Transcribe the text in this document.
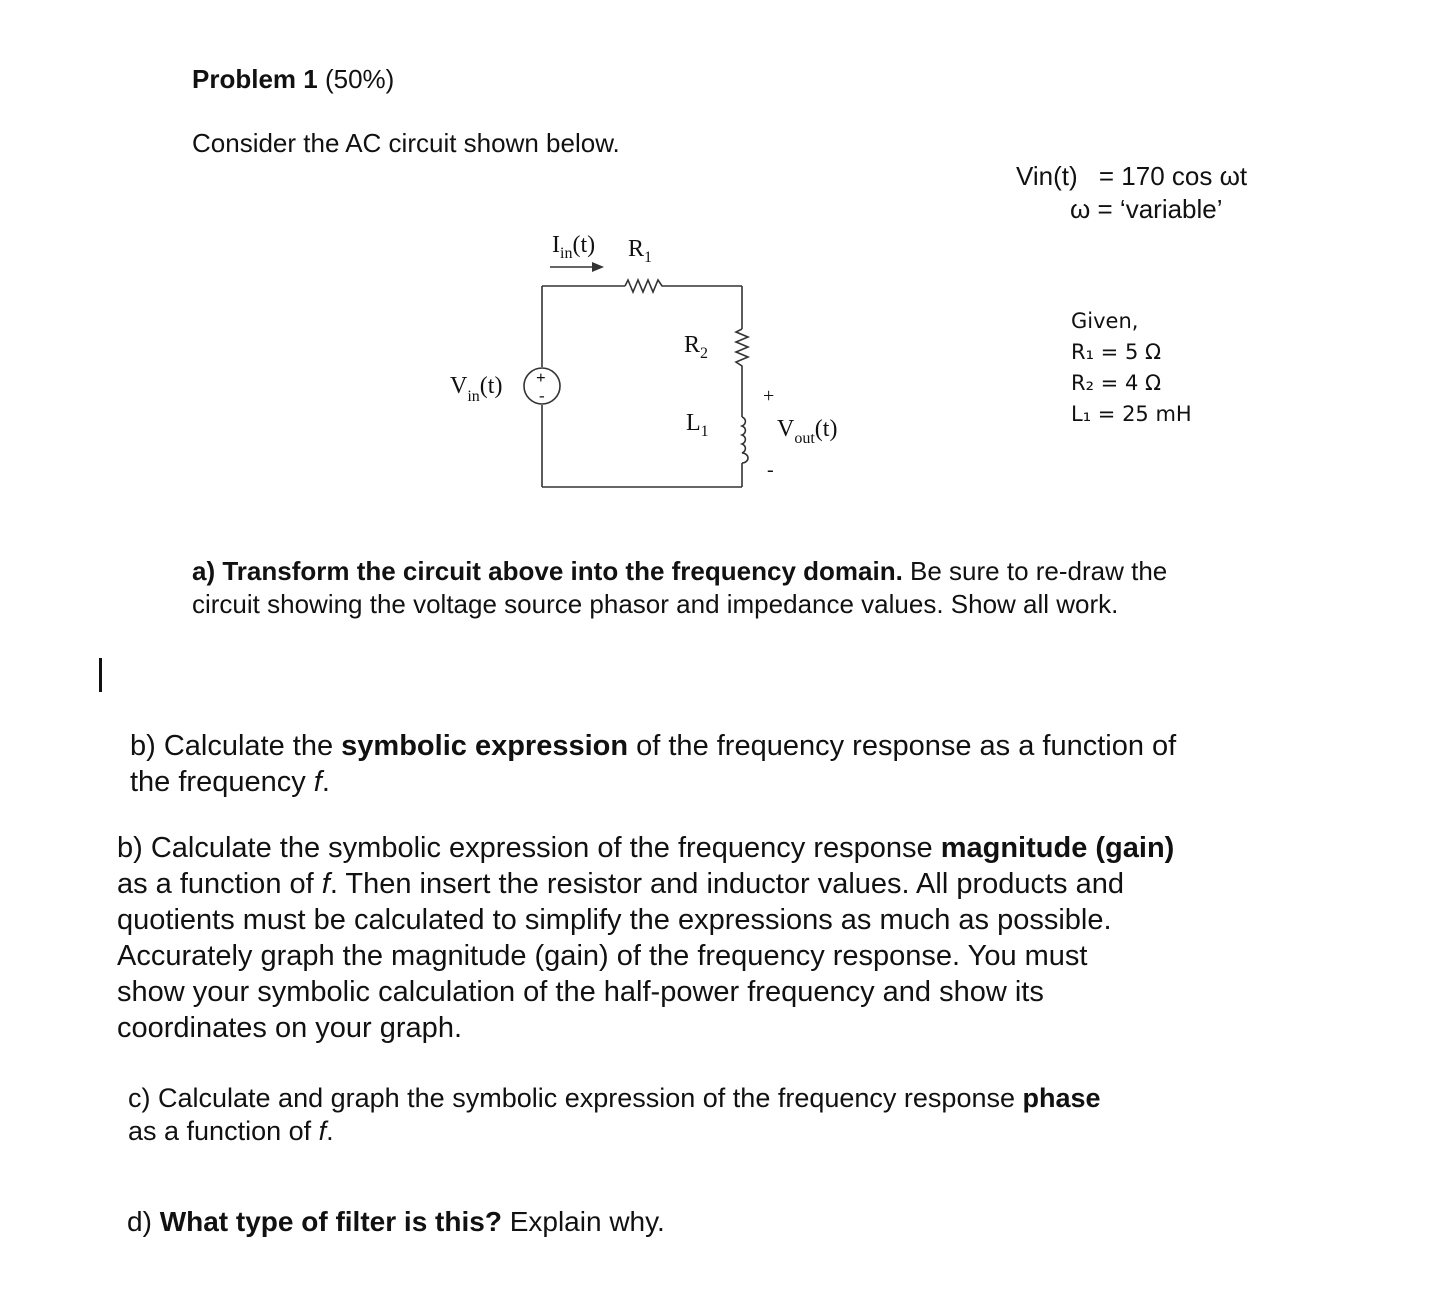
Problem 1 (50%)
Consider the AC circuit shown below.
Vin(t) = 170 cos ωt
ω = ‘variable’
+
-
$I_{in}(t)$ $R_1$
$R_2$
$L_1$
$V_{in}(t)$
$V_{out}(t)$
+
-
Given,
R₁ = 5 Ω
R₂ = 4 Ω
L₁ = 25 mH
a) Transform the circuit above into the frequency domain. Be sure to re-draw the
circuit showing the voltage source phasor and impedance values. Show all work.
b) Calculate the symbolic expression of the frequency response as a function of
the frequency f.
b) Calculate the symbolic expression of the frequency response magnitude (gain)
as a function of f. Then insert the resistor and inductor values. All products and
quotients must be calculated to simplify the expressions as much as possible.
Accurately graph the magnitude (gain) of the frequency response. You must
show your symbolic calculation of the half-power frequency and show its
coordinates on your graph.
c) Calculate and graph the symbolic expression of the frequency response phase
as a function of f.
d) What type of filter is this? Explain why.
